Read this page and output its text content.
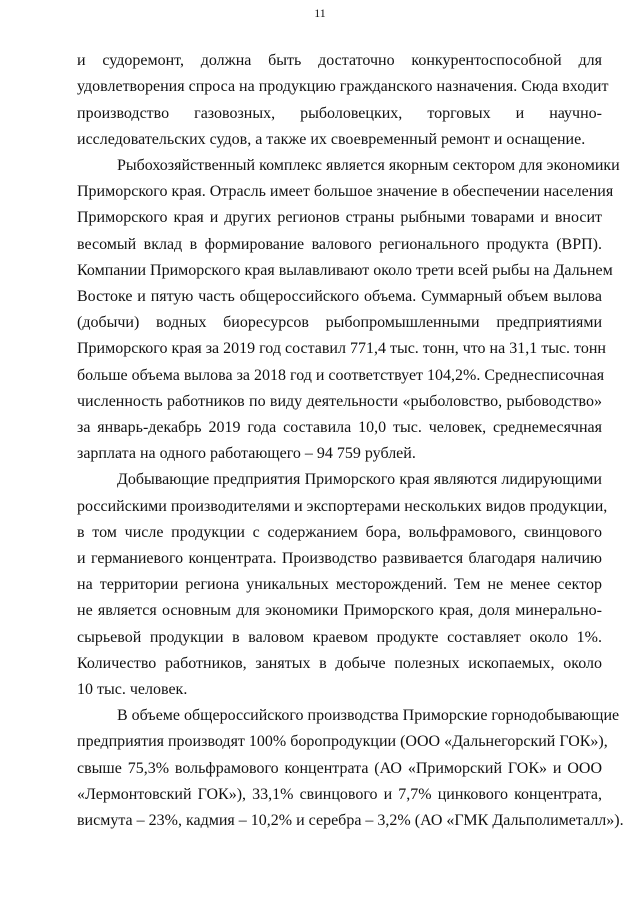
11
и судоремонт, должна быть достаточно конкурентоспособной для
удовлетворения спроса на продукцию гражданского назначения. Сюда входит
производство газовозных, рыболовецких, торговых и научно-
исследовательских судов, а также их своевременный ремонт и оснащение.
Рыбохозяйственный комплекс является якорным сектором для экономики
Приморского края. Отрасль имеет большое значение в обеспечении населения
Приморского края и других регионов страны рыбными товарами и вносит
весомый вклад в формирование валового регионального продукта (ВРП).
Компании Приморского края вылавливают около трети всей рыбы на Дальнем
Востоке и пятую часть общероссийского объема. Суммарный объем вылова
(добычи) водных биоресурсов рыбопромышленными предприятиями
Приморского края за 2019 год составил 771,4 тыс. тонн, что на 31,1 тыс. тонн
больше объема вылова за 2018 год и соответствует 104,2%. Среднесписочная
численность работников по виду деятельности «рыболовство, рыбоводство»
за январь-декабрь 2019 года составила 10,0 тыс. человек, среднемесячная
зарплата на одного работающего – 94 759 рублей.
Добывающие предприятия Приморского края являются лидирующими
российскими производителями и экспортерами нескольких видов продукции,
в том числе продукции с содержанием бора, вольфрамового, свинцового
и германиевого концентрата. Производство развивается благодаря наличию
на территории региона уникальных месторождений. Тем не менее сектор
не является основным для экономики Приморского края, доля минерально-
сырьевой продукции в валовом краевом продукте составляет около 1%.
Количество работников, занятых в добыче полезных ископаемых, около
10 тыс. человек.
В объеме общероссийского производства Приморские горнодобывающие
предприятия производят 100% боропродукции (ООО «Дальнегорский ГОК»),
свыше 75,3% вольфрамового концентрата (АО «Приморский ГОК» и ООО
«Лермонтовский ГОК»), 33,1% свинцового и 7,7% цинкового концентрата,
висмута – 23%, кадмия – 10,2% и серебра – 3,2% (АО «ГМК Дальполиметалл»).
